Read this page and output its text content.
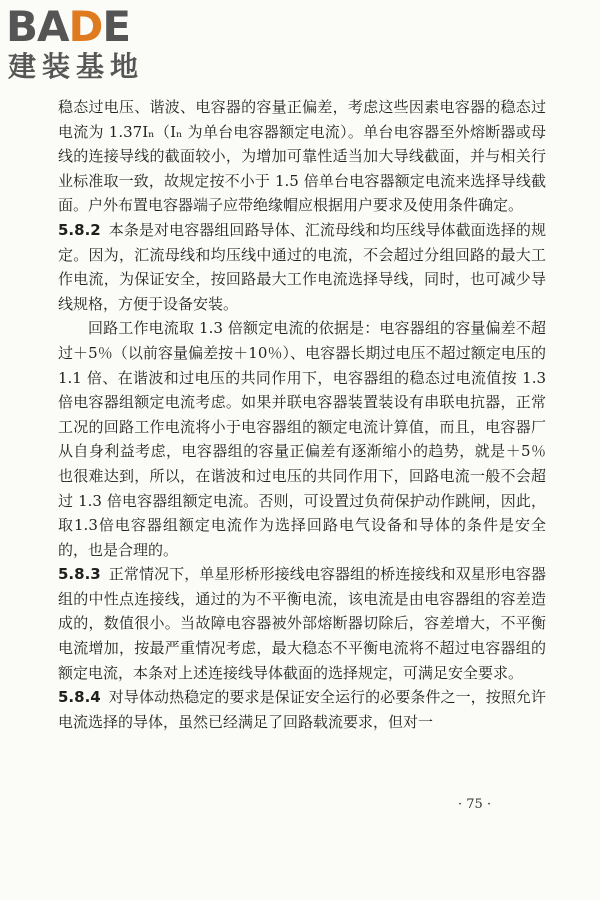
BADE
建装基地

稳态过电压、谐波、电容器的容量正偏差，考虑这些因素电容器的稳态过电流为 1.37Iₙ（Iₙ 为单台电容器额定电流）。单台电容器至外熔断器或母线的连接导线的截面较小，为增加可靠性适当加大导线截面，并与相关行业标准取一致，故规定按不小于 1.5 倍单台电容器额定电流来选择导线截面。户外布置电容器端子应带绝缘帽应根据用户要求及使用条件确定。

5.8.2 本条是对电容器组回路导体、汇流母线和均压线导体截面选择的规定。因为，汇流母线和均压线中通过的电流，不会超过分组回路的最大工作电流，为保证安全，按回路最大工作电流选择导线，同时，也可减少导线规格，方便于设备安装。

回路工作电流取 1.3 倍额定电流的依据是：电容器组的容量偏差不超过＋5％（以前容量偏差按＋10％）、电容器长期过电压不超过额定电压的 1.1 倍、在谐波和过电压的共同作用下，电容器组的稳态过电流值按 1.3 倍电容器组额定电流考虑。如果并联电容器装置装设有串联电抗器，正常工况的回路工作电流将小于电容器组的额定电流计算值，而且，电容器厂从自身利益考虑，电容器组的容量正偏差有逐渐缩小的趋势，就是＋5％也很难达到，所以，在谐波和过电压的共同作用下，回路电流一般不会超过 1.3 倍电容器组额定电流。否则，可设置过负荷保护动作跳闸，因此，取1.3倍电容器组额定电流作为选择回路电气设备和导体的条件是安全的，也是合理的。

5.8.3 正常情况下，单星形桥形接线电容器组的桥连接线和双星形电容器组的中性点连接线，通过的为不平衡电流，该电流是由电容器组的容差造成的，数值很小。当故障电容器被外部熔断器切除后，容差增大，不平衡电流增加，按最严重情况考虑，最大稳态不平衡电流将不超过电容器组的额定电流，本条对上述连接线导体截面的选择规定，可满足安全要求。

5.8.4 对导体动热稳定的要求是保证安全运行的必要条件之一，按照允许电流选择的导体，虽然已经满足了回路载流要求，但对一

· 75 ·
